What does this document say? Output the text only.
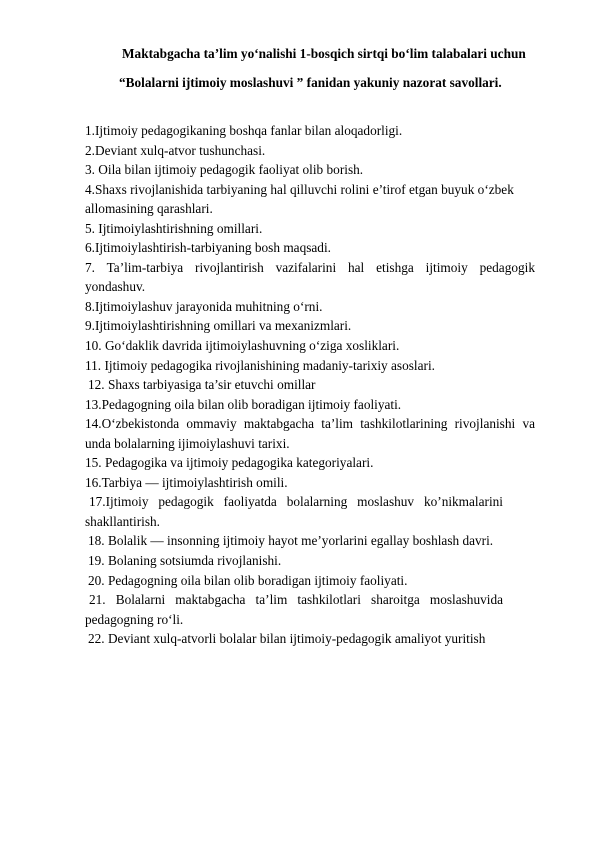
Maktabgacha ta’lim yo‘nalishi 1-bosqich sirtqi bo‘lim talabalari uchun
“Bolalarni ijtimoiy moslashuvi ” fanidan yakuniy nazorat savollari.
1.Ijtimoiy pedagogikaning boshqa fanlar bilan aloqadorligi.
2.Deviant xulq-atvor tushunchasi.
3. Oila bilan ijtimoiy pedagogik faoliyat olib borish.
4.Shaxs rivojlanishida tarbiyaning hal qilluvchi rolini e’tirof etgan buyuk o‘zbek
allomasining qarashlari.
5. Ijtimoiylashtirishning omillari.
6.Ijtimoiylashtirish-tarbiyaning bosh maqsadi.
7. Ta’lim-tarbiya rivojlantirish vazifalarini hal etishga ijtimoiy pedagogik
yondashuv.
8.Ijtimoiylashuv jarayonida muhitning o‘rni.
9.Ijtimoiylashtirishning omillari va mexanizmlari.
10. Go‘daklik davrida ijtimoiylashuvning o‘ziga xosliklari.
11. Ijtimoiy pedagogika rivojlanishining madaniy-tarixiy asoslari.
12. Shaxs tarbiyasiga ta’sir etuvchi omillar
13.Pedagogning oila bilan olib boradigan ijtimoiy faoliyati.
14.O‘zbekistonda ommaviy maktabgacha ta’lim tashkilotlarining rivojlanishi va
unda bolalarning ijimoiylashuvi tarixi.
15. Pedagogika va ijtimoiy pedagogika kategoriyalari.
16.Tarbiya — ijtimoiylashtirish omili.
17.Ijtimoiy pedagogik faoliyatda bolalarning moslashuv ko’nikmalarini
shakllantirish.
18. Bolalik — insonning ijtimoiy hayot me’yorlarini egallay boshlash davri.
19. Bolaning sotsiumda rivojlanishi.
20. Pedagogning oila bilan olib boradigan ijtimoiy faoliyati.
21. Bolalarni maktabgacha ta’lim tashkilotlari sharoitga moslashuvida
pedagogning ro‘li.
22. Deviant xulq-atvorli bolalar bilan ijtimoiy-pedagogik amaliyot yuritish
